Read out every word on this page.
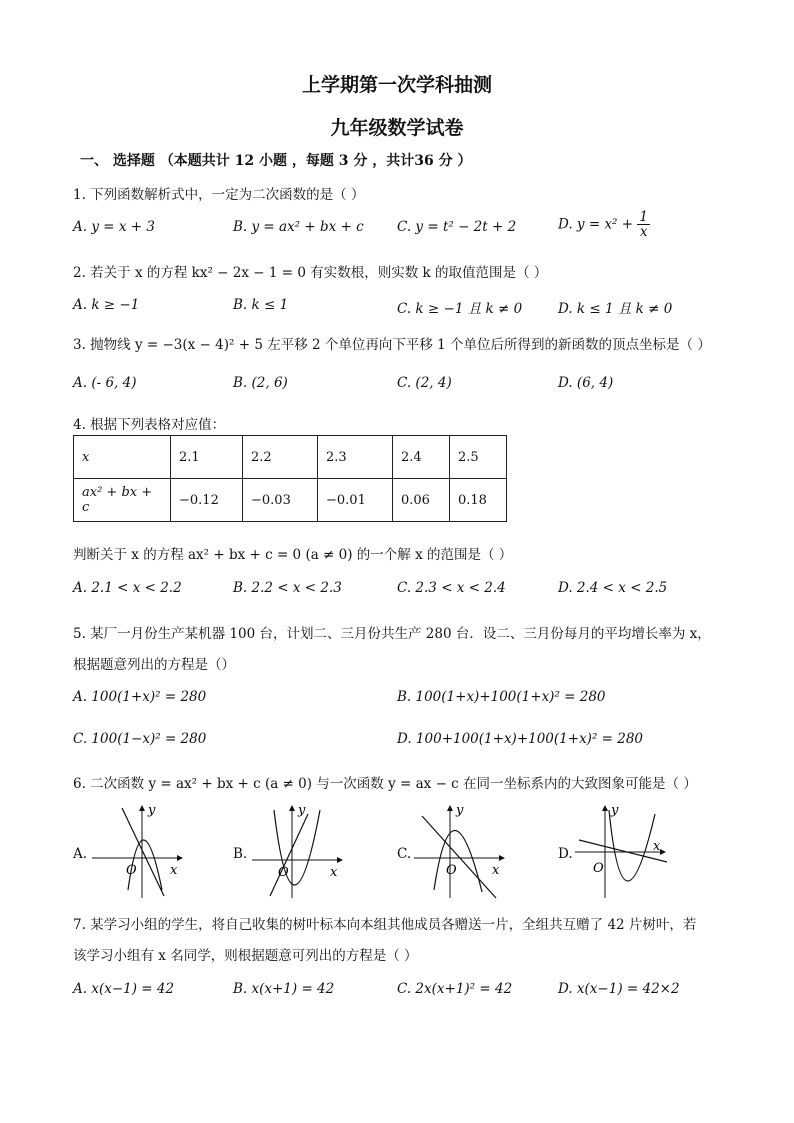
上学期第一次学科抽测
九年级数学试卷
一、 选择题 （本题共计 12 小题 ，每题 3 分 ，共计36 分 ）
1. 下列函数解析式中，一定为二次函数的是（ ）
A. y = x + 3	B. y = ax² + bx + c C. y = t² − 2t + 2	D. $y = x^2 + \frac{1}{x}$
2. 若关于 x 的方程 kx² − 2x − 1 = 0 有实数根，则实数 k 的取值范围是（ ）
A. k ≥ −1	B. k ≤ 1	C. k ≥ −1 且 k ≠ 0	D. k ≤ 1 且 k ≠ 0
3. 抛物线 y = −3(x − 4)² + 5 左平移 2 个单位再向下平移 1 个单位后所得到的新函数的顶点坐标是（ ）
A. (- 6, 4)	B. (2, 6)	C. (2, 4)	D. (6, 4)
4. 根据下列表格对应值：
x	2.1	2.2	2.3	2.4	2.5
ax² + bx + c	−0.12	−0.03	−0.01	0.06	0.18
判断关于 x 的方程 ax² + bx + c = 0 (a ≠ 0) 的一个解 x 的范围是（ ）
A. 2.1 < x < 2.2	B. 2.2 < x < 2.3	C. 2.3 < x < 2.4	D. 2.4 < x < 2.5
5. 某厂一月份生产某机器 100 台，计划二、三月份共生产 280 台．设二、三月份每月的平均增长率为 x，
根据题意列出的方程是（）
A. 100(1+x)² = 280	B. 100(1+x)+100(1+x)² = 280
C. 100(1−x)² = 280	D. 100+100(1+x)+100(1+x)² = 280
6. 二次函数 y = ax² + bx + c (a ≠ 0) 与一次函数 y = ax − c 在同一坐标系内的大致图象可能是（ ）
A.
y
x
O
B.
y
x
O
C.
y
x
O
D.
y
x
O
7. 某学习小组的学生，将自己收集的树叶标本向本组其他成员各赠送一片，全组共互赠了 42 片树叶，若
该学习小组有 x 名同学，则根据题意可列出的方程是（ ）
A. x(x−1) = 42	B. x(x+1) = 42	C. 2x(x+1)² = 42	D. x(x−1) = 42×2
